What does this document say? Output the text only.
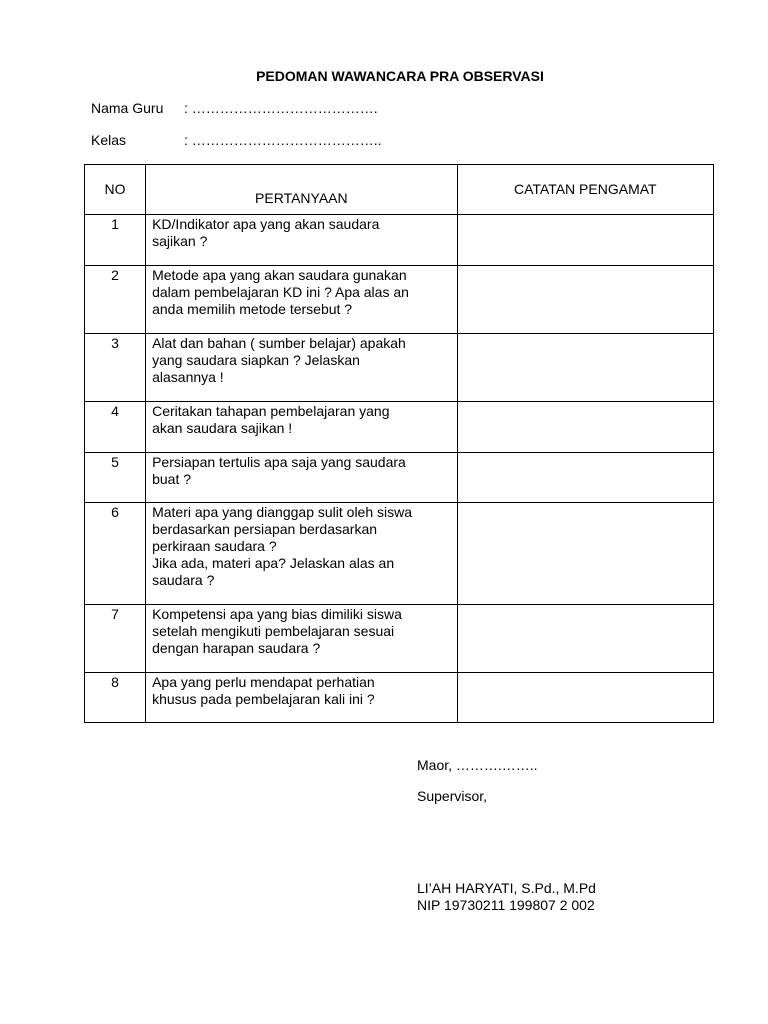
PEDOMAN WAWANCARA PRA OBSERVASI
Nama Guru : ………………………………….
Kelas	: …………………………………..
NO	PERTANYAAN	CATATAN PENGAMAT

1	KD/Indikator apa yang akan saudara
sajikan ?	

2	Metode apa yang akan saudara gunakan
dalam pembelajaran KD ini ? Apa alas an
anda memilih metode tersebut ?	

3	Alat dan bahan ( sumber belajar) apakah
yang saudara siapkan ? Jelaskan
alasannya !	

4	Ceritakan tahapan pembelajaran yang
akan saudara sajikan !	

5	Persiapan tertulis apa saja yang saudara
buat ?	

6	Materi apa yang dianggap sulit oleh siswa
berdasarkan persiapan berdasarkan
perkiraan saudara ?
Jika ada, materi apa? Jelaskan alas an
saudara ?	

7	Kompetensi apa yang bias dimiliki siswa
setelah mengikuti pembelajaran sesuai
dengan harapan saudara ?	

8	Apa yang perlu mendapat perhatian
khusus pada pembelajaran kali ini ?	

Maor, ……….……..
Supervisor,
LI’AH HARYATI, S.Pd., M.Pd
NIP 19730211 199807 2 002
